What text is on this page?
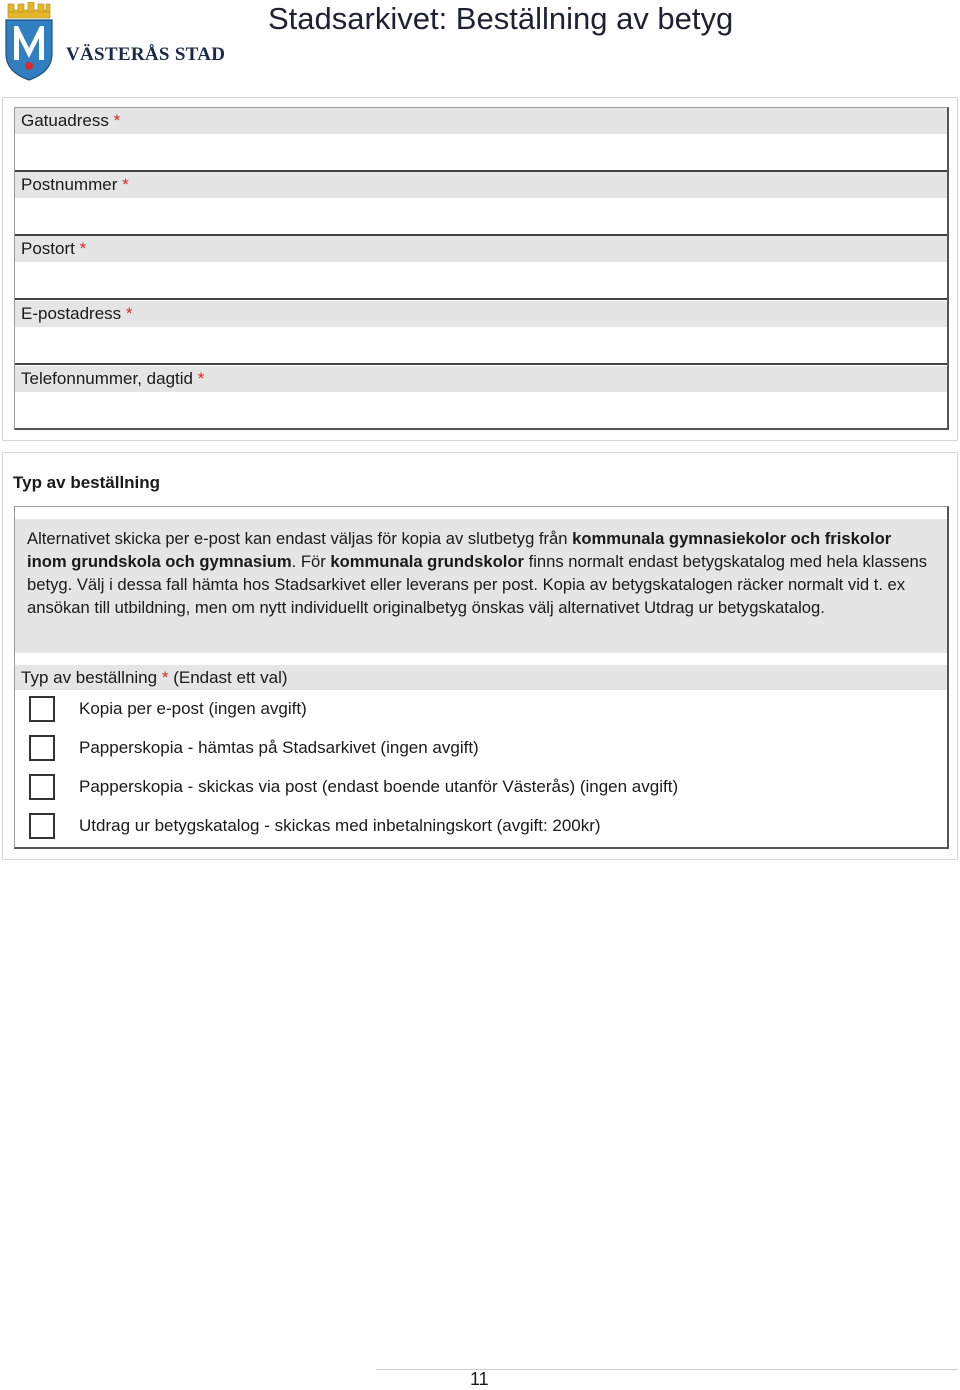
VÄSTERÅS STAD
Stadsarkivet: Beställning av betyg
Gatuadress *
Postnummer *
Postort *
E-postadress *
Telefonnummer, dagtid *
Typ av beställning
Alternativet skicka per e-post kan endast väljas för kopia av slutbetyg från kommunala gymnasiekolor och friskolor inom grundskola och gymnasium. För kommunala grundskolor finns normalt endast betygskatalog med hela klassens betyg. Välj i dessa fall hämta hos Stadsarkivet eller leverans per post. Kopia av betygskatalogen räcker normalt vid t. ex ansökan till utbildning, men om nytt individuellt originalbetyg önskas välj alternativet Utdrag ur betygskatalog.
Typ av beställning * (Endast ett val)
Kopia per e-post (ingen avgift)
Papperskopia - hämtas på Stadsarkivet (ingen avgift)
Papperskopia - skickas via post (endast boende utanför Västerås) (ingen avgift)
Utdrag ur betygskatalog - skickas med inbetalningskort (avgift: 200kr)
11
